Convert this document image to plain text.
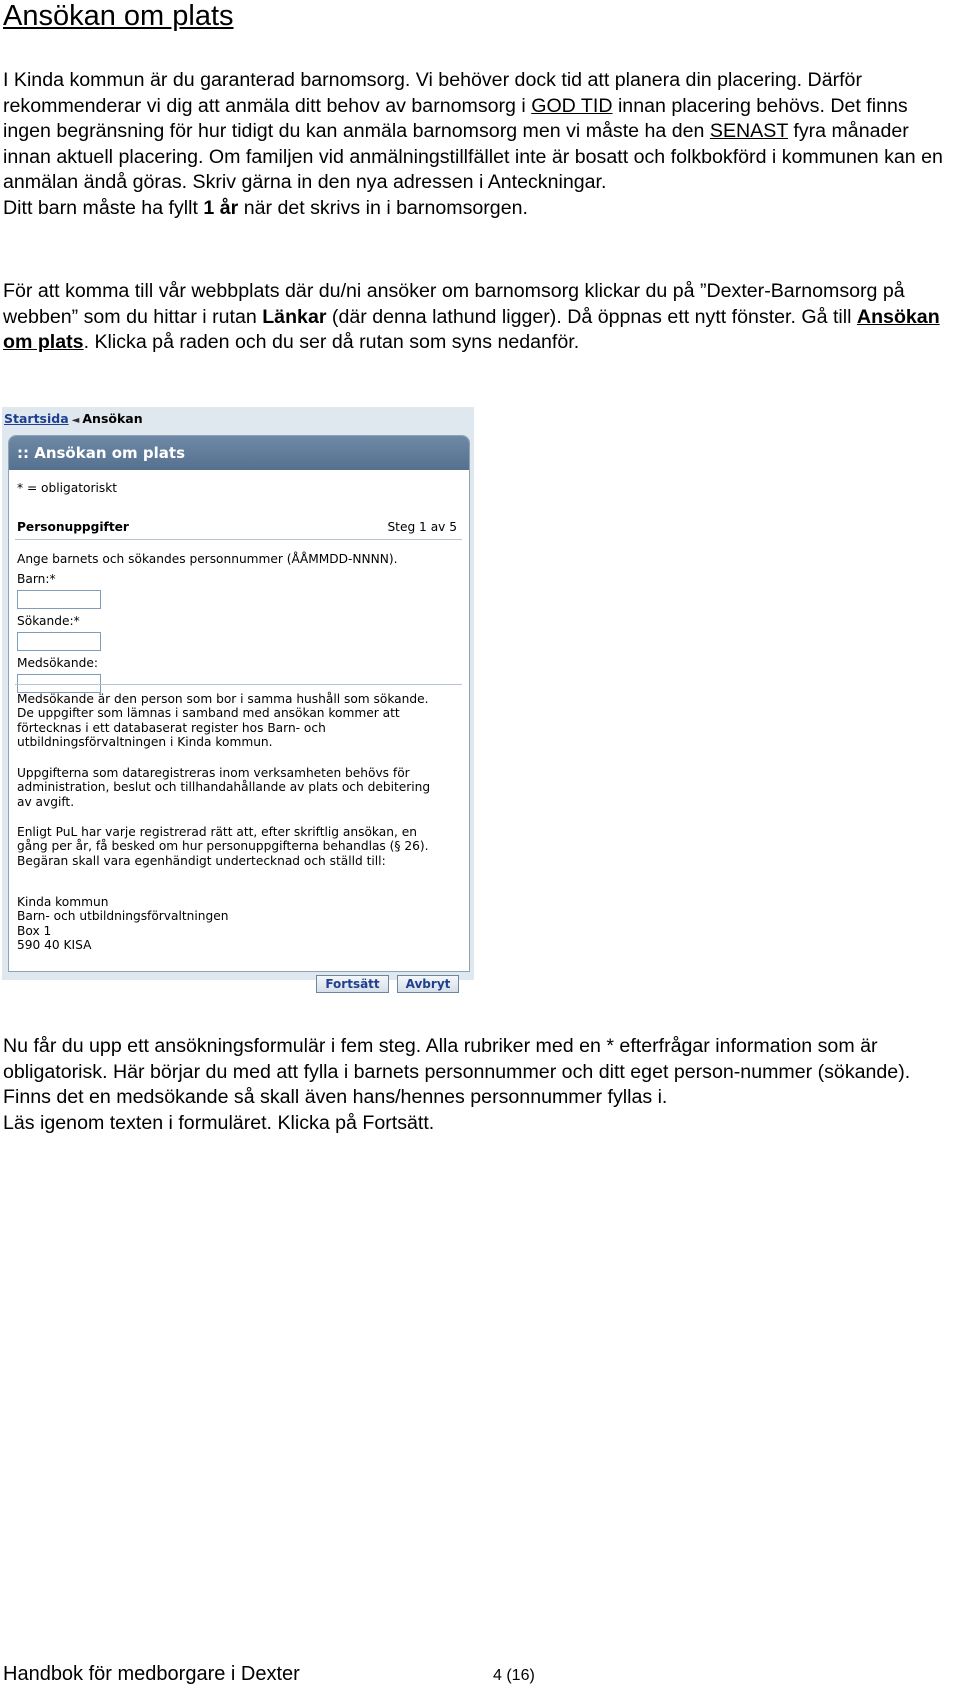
Ansökan om plats
I Kinda kommun är du garanterad barnomsorg. Vi behöver dock tid att planera din placering. Därför rekommenderar vi dig att anmäla ditt behov av barnomsorg i GOD TID innan placering behövs. Det finns ingen begränsning för hur tidigt du kan anmäla barnomsorg men vi måste ha den SENAST fyra månader innan aktuell placering. Om familjen vid anmälningstillfället inte är bosatt och folkbokförd i kommunen kan en anmälan ändå göras. Skriv gärna in den nya adressen i Anteckningar.
Ditt barn måste ha fyllt 1 år när det skrivs in i barnomsorgen.
För att komma till vår webbplats där du/ni ansöker om barnomsorg klickar du på ”Dexter-Barnomsorg på webben” som du hittar i rutan Länkar (där denna lathund ligger). Då öppnas ett nytt fönster. Gå till Ansökan om plats. Klicka på raden och du ser då rutan som syns nedanför.
Startsida ◄ Ansökan
:: Ansökan om plats
* = obligatoriskt
Personuppgifter	Steg 1 av 5
Ange barnets och sökandes personnummer (ÅÅMMDD-NNNN).
Barn:*
Sökande:*
Medsökande:
Medsökande är den person som bor i samma hushåll som sökande.
De uppgifter som lämnas i samband med ansökan kommer att
förtecknas i ett databaserat register hos Barn- och
utbildningsförvaltningen i Kinda kommun.
Uppgifterna som dataregistreras inom verksamheten behövs för
administration, beslut och tillhandahållande av plats och debitering
av avgift.
Enligt PuL har varje registrerad rätt att, efter skriftlig ansökan, en
gång per år, få besked om hur personuppgifterna behandlas (§ 26).
Begäran skall vara egenhändigt undertecknad och ställd till:
Kinda kommun
Barn- och utbildningsförvaltningen
Box 1
590 40 KISA
Fortsätt	Avbryt
Nu får du upp ett ansökningsformulär i fem steg. Alla rubriker med en * efterfrågar information som är obligatorisk. Här börjar du med att fylla i barnets personnummer och ditt eget person-nummer (sökande). Finns det en medsökande så skall även hans/hennes personnummer fyllas i.
Läs igenom texten i formuläret. Klicka på Fortsätt.
Handbok för medborgare i Dexter	4 (16)
